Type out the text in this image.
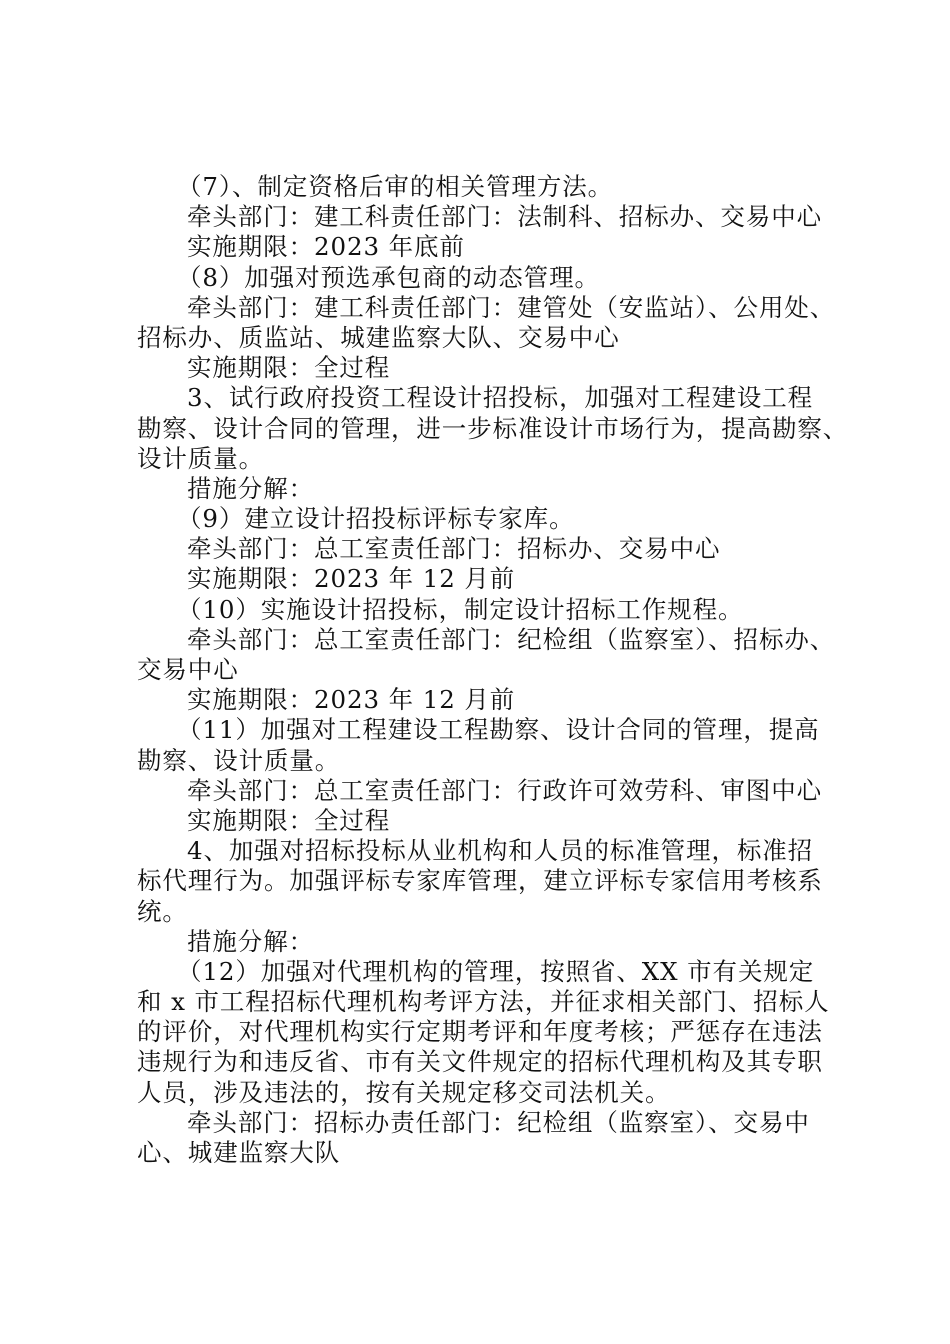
（7）、制定资格后审的相关管理方法。
牵头部门：建工科责任部门：法制科、招标办、交易中心
实施期限：2023 年底前
（8）加强对预选承包商的动态管理。
牵头部门：建工科责任部门：建管处（安监站）、公用处、
招标办、质监站、城建监察大队、交易中心
实施期限：全过程
3、试行政府投资工程设计招投标，加强对工程建设工程
勘察、设计合同的管理，进一步标准设计市场行为，提高勘察、
设计质量。
措施分解：
（9）建立设计招投标评标专家库。
牵头部门：总工室责任部门：招标办、交易中心
实施期限：2023 年 12 月前
（10）实施设计招投标，制定设计招标工作规程。
牵头部门：总工室责任部门：纪检组（监察室）、招标办、
交易中心
实施期限：2023 年 12 月前
（11）加强对工程建设工程勘察、设计合同的管理，提高
勘察、设计质量。
牵头部门：总工室责任部门：行政许可效劳科、审图中心
实施期限：全过程
4、加强对招标投标从业机构和人员的标准管理，标准招
标代理行为。加强评标专家库管理，建立评标专家信用考核系
统。
措施分解：
（12）加强对代理机构的管理，按照省、XX 市有关规定
和 x 市工程招标代理机构考评方法，并征求相关部门、招标人
的评价，对代理机构实行定期考评和年度考核；严惩存在违法
违规行为和违反省、市有关文件规定的招标代理机构及其专职
人员，涉及违法的，按有关规定移交司法机关。
牵头部门：招标办责任部门：纪检组（监察室）、交易中
心、城建监察大队
